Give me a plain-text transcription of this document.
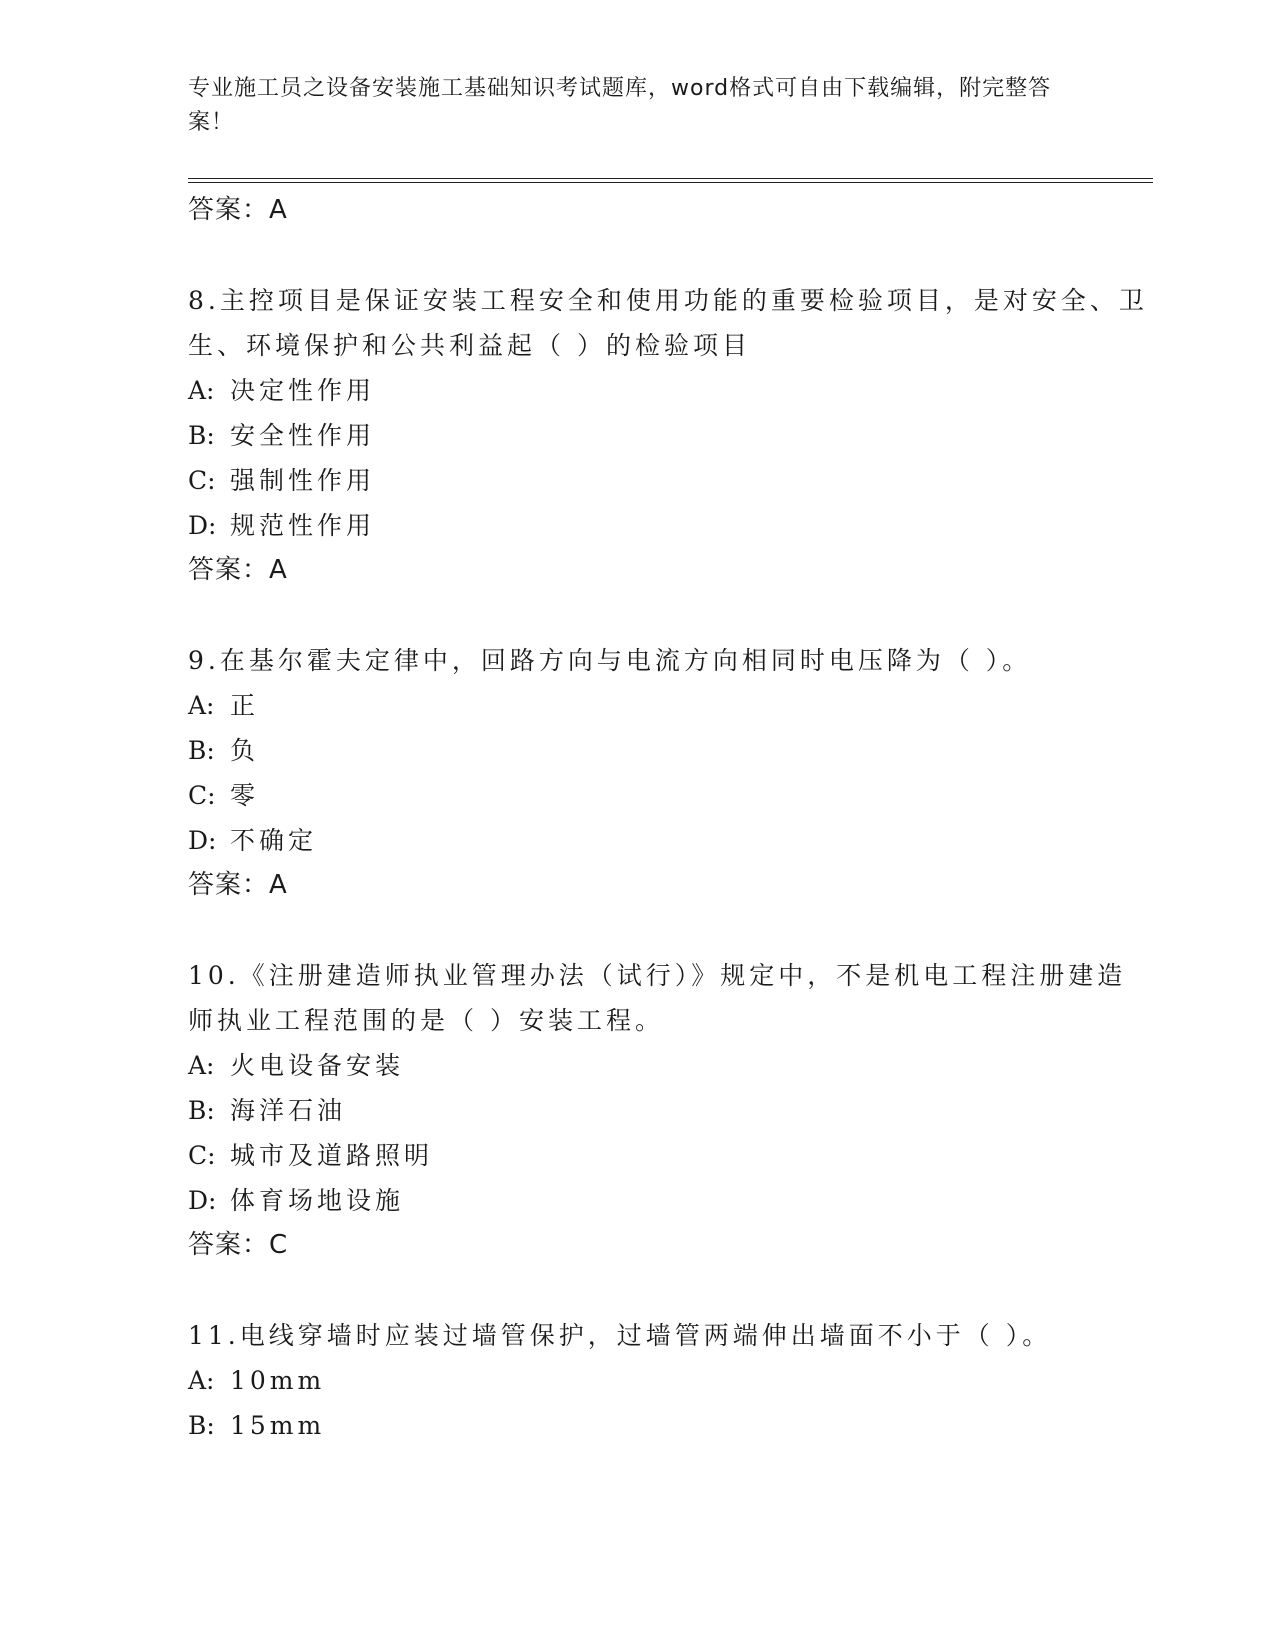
专业施工员之设备安装施工基础知识考试题库，word格式可自由下载编辑，附完整答案！
答案：A
8.主控项目是保证安装工程安全和使用功能的重要检验项目，是对安全、卫生、环境保护和公共利益起（ ）的检验项目
A: 决定性作用
B: 安全性作用
C: 强制性作用
D: 规范性作用
答案：A
9.在基尔霍夫定律中，回路方向与电流方向相同时电压降为（ ）。
A: 正
B: 负
C: 零
D: 不确定
答案：A
10.《注册建造师执业管理办法（试行）》规定中，不是机电工程注册建造师执业工程范围的是（ ）安装工程。
A: 火电设备安装
B: 海洋石油
C: 城市及道路照明
D: 体育场地设施
答案：C
11.电线穿墙时应装过墙管保护，过墙管两端伸出墙面不小于（ ）。
A: 10mm
B: 15mm
